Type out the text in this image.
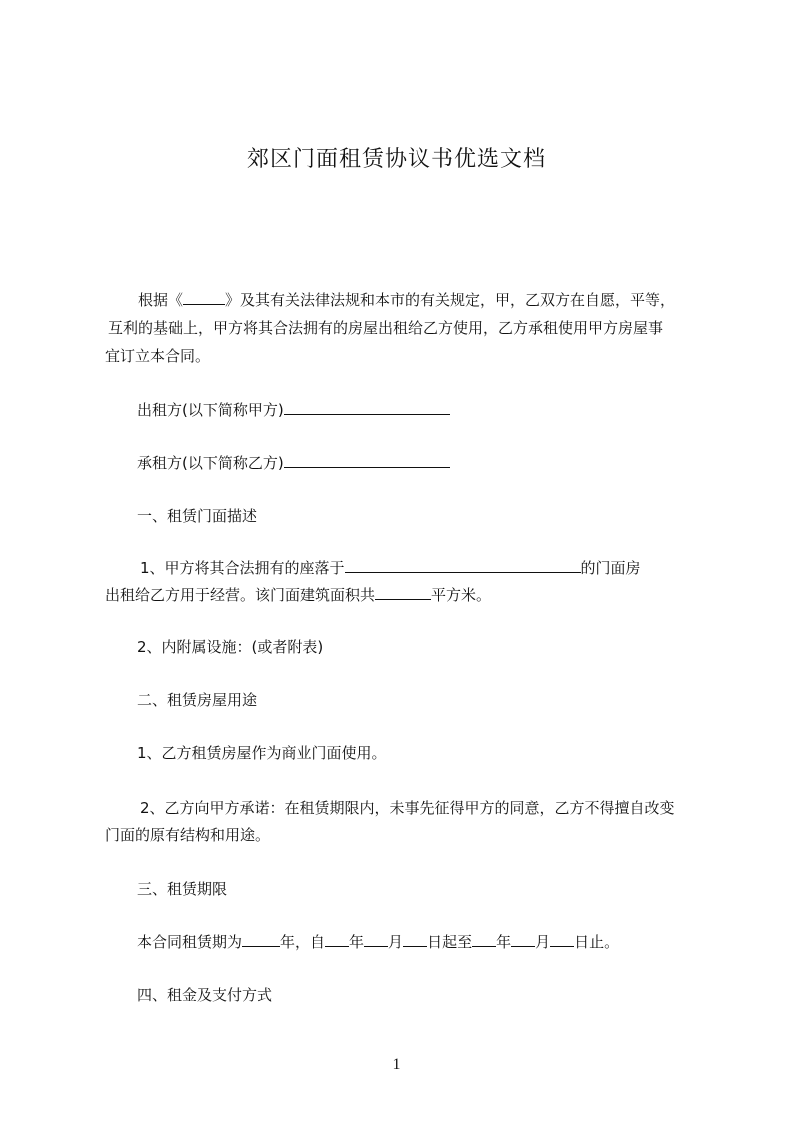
郊区门面租赁协议书优选文档
根据《	》及其有关法律法规和本市的有关规定，甲，乙双方在自愿，平等，
互利的基础上，甲方将其合法拥有的房屋出租给乙方使用，乙方承租使用甲方房屋事
宜订立本合同。
出租方(以下简称甲方)
承租方(以下简称乙方)
一、租赁门面描述
1、甲方将其合法拥有的座落于	的门面房
出租给乙方用于经营。该门面建筑面积共	平方米。
2、内附属设施：(或者附表)
二、租赁房屋用途
1、乙方租赁房屋作为商业门面使用。
2、乙方向甲方承诺：在租赁期限内，未事先征得甲方的同意，乙方不得擅自改变
门面的原有结构和用途。
三、租赁期限
本合同租赁期为	年，自 年 月 日起至 年 月 日止。
四、租金及支付方式
1
